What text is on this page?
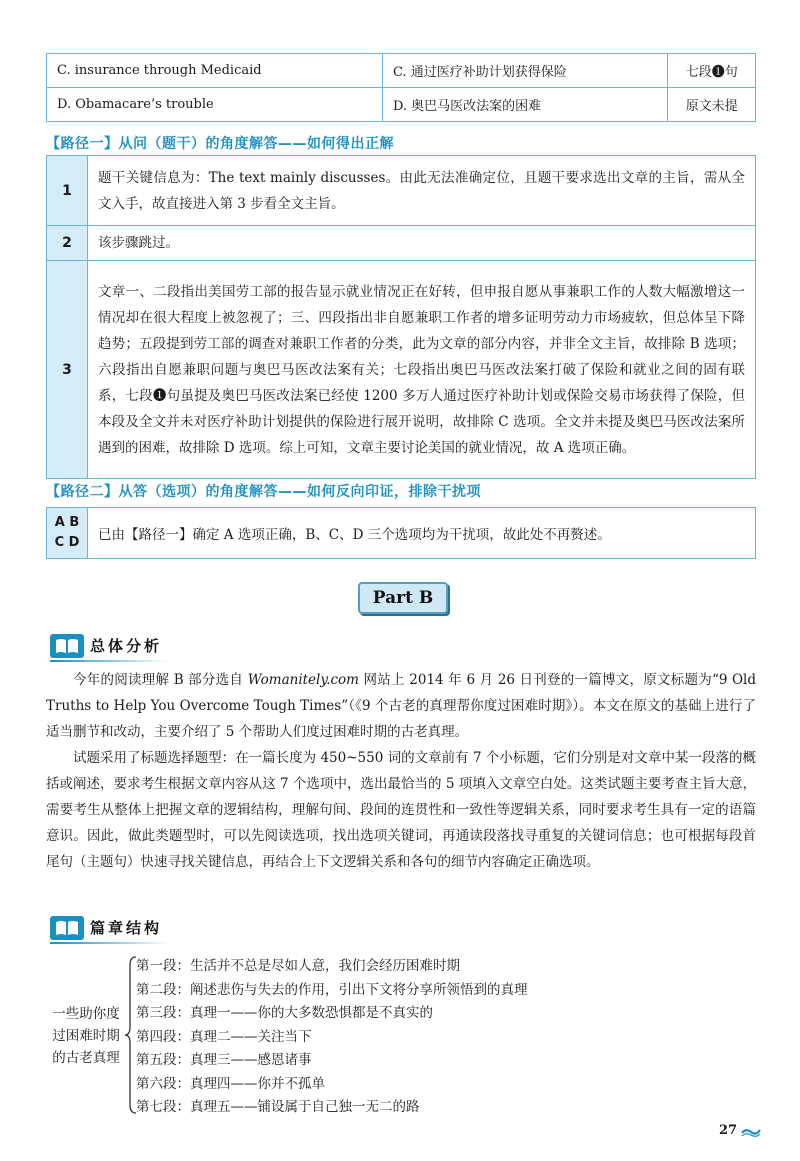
C. insurance through Medicaid	C. 通过医疗补助计划获得保险	七段❶句
D. Obamacare’s trouble	D. 奥巴马医改法案的困难	原文未提
【路径一】从问（题干）的角度解答——如何得出正解
1	题干关键信息为：The text mainly discusses。由此无法准确定位，且题干要求选出文章的主旨，需从全文入手，故直接进入第 3 步看全文主旨。
2	该步骤跳过。
3	文章一、二段指出美国劳工部的报告显示就业情况正在好转，但申报自愿从事兼职工作的人数大幅激增这一情况却在很大程度上被忽视了；三、四段指出非自愿兼职工作者的增多证明劳动力市场疲软，但总体呈下降趋势；五段提到劳工部的调查对兼职工作者的分类，此为文章的部分内容，并非全文主旨，故排除 B 选项；六段指出自愿兼职问题与奥巴马医改法案有关；七段指出奥巴马医改法案打破了保险和就业之间的固有联系，七段❶句虽提及奥巴马医改法案已经使 1200 多万人通过医疗补助计划或保险交易市场获得了保险，但本段及全文并未对医疗补助计划提供的保险进行展开说明，故排除 C 选项。全文并未提及奥巴马医改法案所遇到的困难，故排除 D 选项。综上可知，文章主要讨论美国的就业情况，故 A 选项正确。
【路径二】从答（选项）的角度解答——如何反向印证，排除干扰项
A B
C D	已由【路径一】确定 A 选项正确，B、C、D 三个选项均为干扰项，故此处不再赘述。
Part B
总体分析

今年的阅读理解 B 部分选自 Womanitely.com 网站上 2014 年 6 月 26 日刊登的一篇博文，原文标题为“9 Old Truths to Help You Overcome Tough Times”（《9 个古老的真理帮你度过困难时期》）。本文在原文的基础上进行了适当删节和改动，主要介绍了 5 个帮助人们度过困难时期的古老真理。

试题采用了标题选择题型：在一篇长度为 450~550 词的文章前有 7 个小标题，它们分别是对文章中某一段落的概括或阐述，要求考生根据文章内容从这 7 个选项中，选出最恰当的 5 项填入文章空白处。这类试题主要考查主旨大意，需要考生从整体上把握文章的逻辑结构，理解句间、段间的连贯性和一致性等逻辑关系，同时要求考生具有一定的语篇意识。因此，做此类题型时，可以先阅读选项，找出选项关键词，再通读段落找寻重复的关键词信息；也可根据每段首尾句（主题句）快速寻找关键信息，再结合上下文逻辑关系和各句的细节内容确定正确选项。

篇章结构
一些助你度
过困难时期
的古老真理
第一段：生活并不总是尽如人意，我们会经历困难时期
第二段：阐述悲伤与失去的作用，引出下文将分享所领悟到的真理
第三段：真理一——你的大多数恐惧都是不真实的
第四段：真理二——关注当下
第五段：真理三——感恩诸事
第六段：真理四——你并不孤单
第七段：真理五——铺设属于自己独一无二的路
27
